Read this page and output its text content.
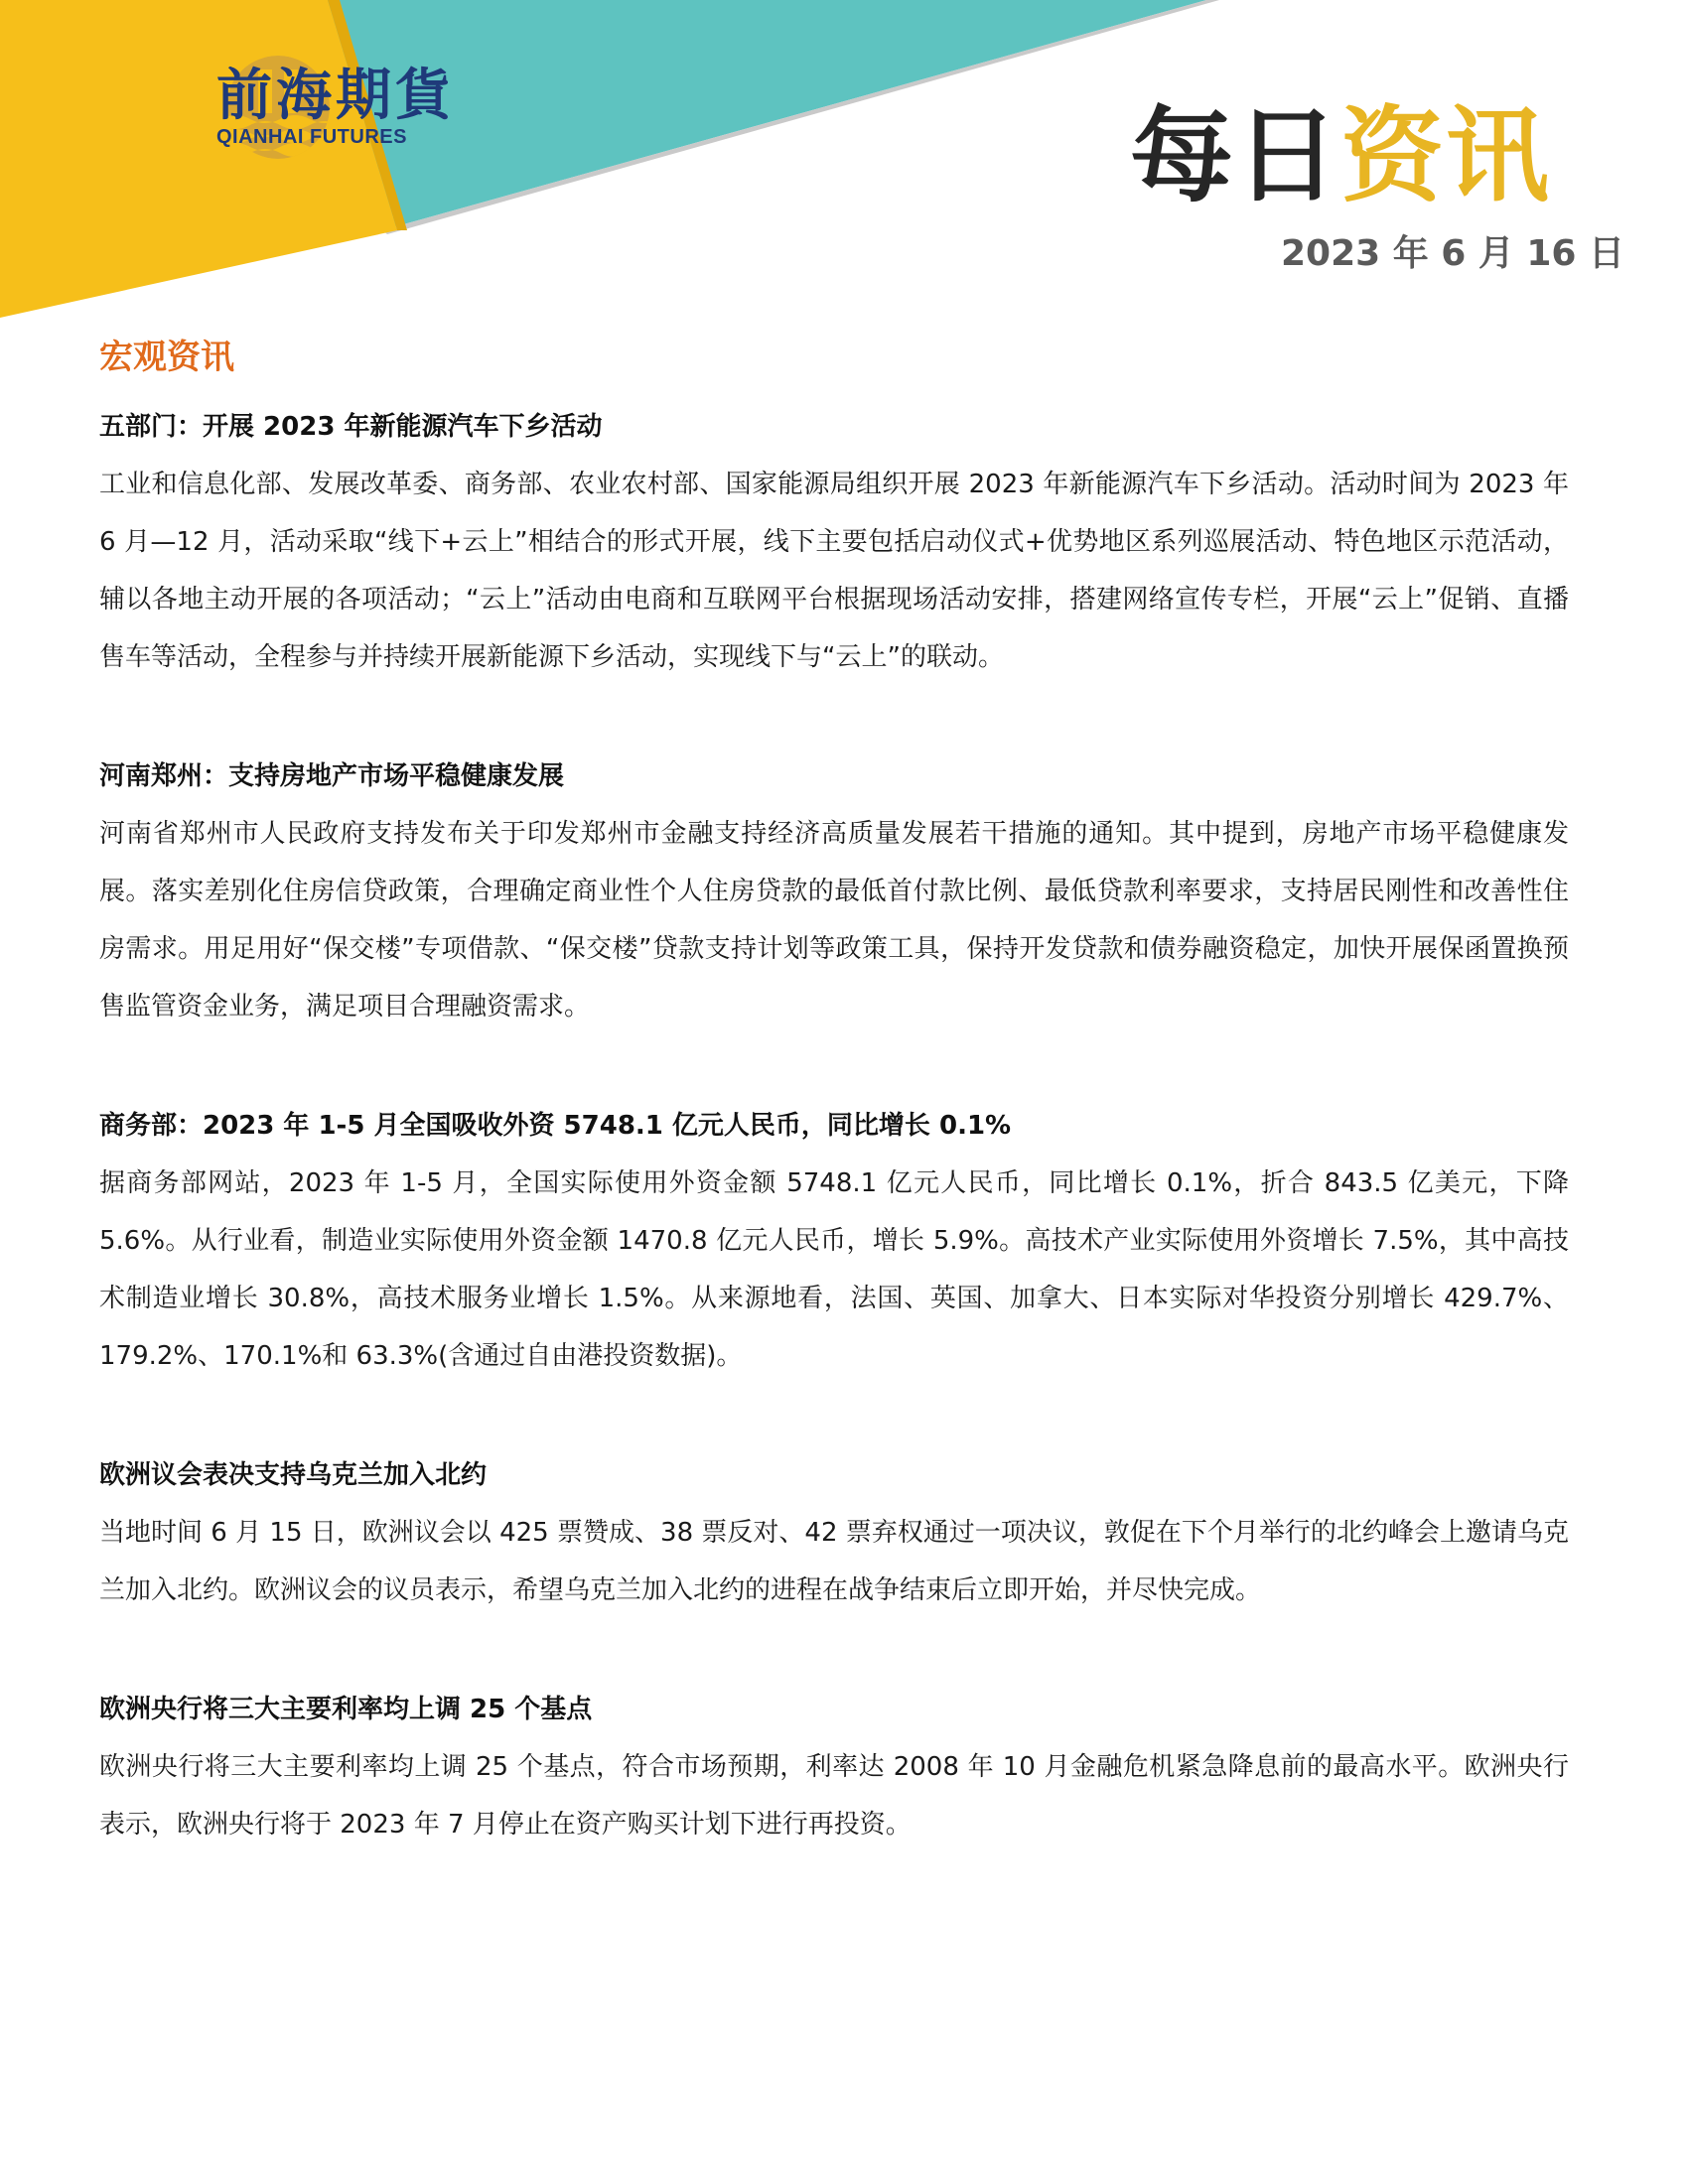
前海期貨
QIANHAI FUTURES	每日资讯
2023 年 6 月 16 日
宏观资讯

五部门：开展 2023 年新能源汽车下乡活动

工业和信息化部、发展改革委、商务部、农业农村部、国家能源局组织开展 2023 年新能源汽车下乡活动。活动时间为 2023 年 6 月—12 月，活动采取“线下+云上”相结合的形式开展，线下主要包括启动仪式+优势地区系列巡展活动、特色地区示范活动，辅以各地主动开展的各项活动；“云上”活动由电商和互联网平台根据现场活动安排，搭建网络宣传专栏，开展“云上”促销、直播售车等活动，全程参与并持续开展新能源下乡活动，实现线下与“云上”的联动。

河南郑州：支持房地产市场平稳健康发展

河南省郑州市人民政府支持发布关于印发郑州市金融支持经济高质量发展若干措施的通知。其中提到，房地产市场平稳健康发展。落实差别化住房信贷政策，合理确定商业性个人住房贷款的最低首付款比例、最低贷款利率要求，支持居民刚性和改善性住房需求。用足用好“保交楼”专项借款、“保交楼”贷款支持计划等政策工具，保持开发贷款和债券融资稳定，加快开展保函置换预售监管资金业务，满足项目合理融资需求。

商务部：2023 年 1-5 月全国吸收外资 5748.1 亿元人民币，同比增长 0.1%

据商务部网站，2023 年 1-5 月，全国实际使用外资金额 5748.1 亿元人民币，同比增长 0.1%，折合 843.5 亿美元，下降 5.6%。从行业看，制造业实际使用外资金额 1470.8 亿元人民币，增长 5.9%。高技术产业实际使用外资增长 7.5%，其中高技术制造业增长 30.8%，高技术服务业增长 1.5%。从来源地看，法国、英国、加拿大、日本实际对华投资分别增长 429.7%、179.2%、170.1%和 63.3%(含通过自由港投资数据)。

欧洲议会表决支持乌克兰加入北约

当地时间 6 月 15 日，欧洲议会以 425 票赞成、38 票反对、42 票弃权通过一项决议，敦促在下个月举行的北约峰会上邀请乌克兰加入北约。欧洲议会的议员表示，希望乌克兰加入北约的进程在战争结束后立即开始，并尽快完成。

欧洲央行将三大主要利率均上调 25 个基点

欧洲央行将三大主要利率均上调 25 个基点，符合市场预期，利率达 2008 年 10 月金融危机紧急降息前的最高水平。欧洲央行表示，欧洲央行将于 2023 年 7 月停止在资产购买计划下进行再投资。
